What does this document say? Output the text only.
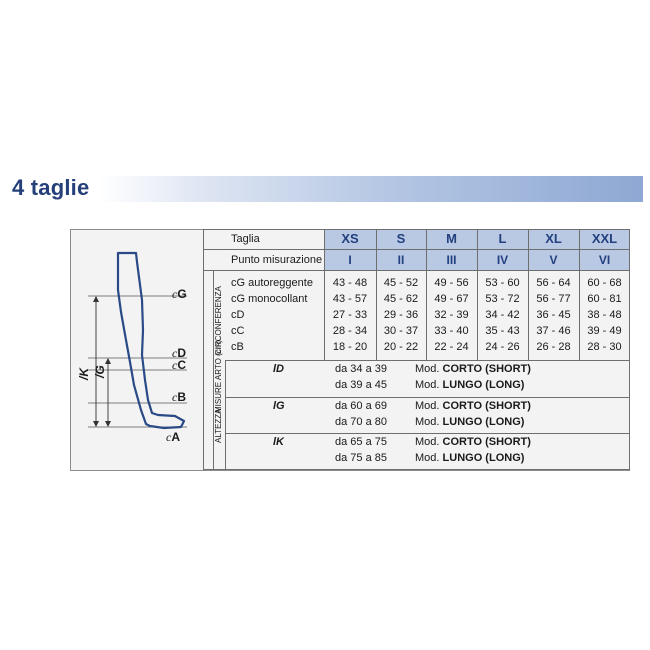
4 taglie
/K /G
cG
cD
cC
cB
cA
Taglia
Punto misurazione
XS	S	M	L	XL	XXL
I	II	III	IV	V	VI
MISURE ARTO (cm)
CIRCONFERENZA
ALTEZZA
cG autoreggente	43 - 48	45 - 52	49 - 56	53 - 60	56 - 64	60 - 68
cG monocollant	43 - 57	45 - 62	49 - 67	53 - 72	56 - 77	60 - 81
cD	27 - 33	29 - 36	32 - 39	34 - 42	36 - 45	38 - 48
cC	28 - 34	30 - 37	33 - 40	35 - 43	37 - 46	39 - 49
cB	18 - 20	20 - 22	22 - 24	24 - 26	26 - 28	28 - 30
lD	da 34 a 39	Mod. CORTO (SHORT)
da 39 a 45	Mod. LUNGO (LONG)
lG	da 60 a 69	Mod. CORTO (SHORT)
da 70 a 80	Mod. LUNGO (LONG)
lK	da 65 a 75	Mod. CORTO (SHORT)
da 75 a 85	Mod. LUNGO (LONG)
